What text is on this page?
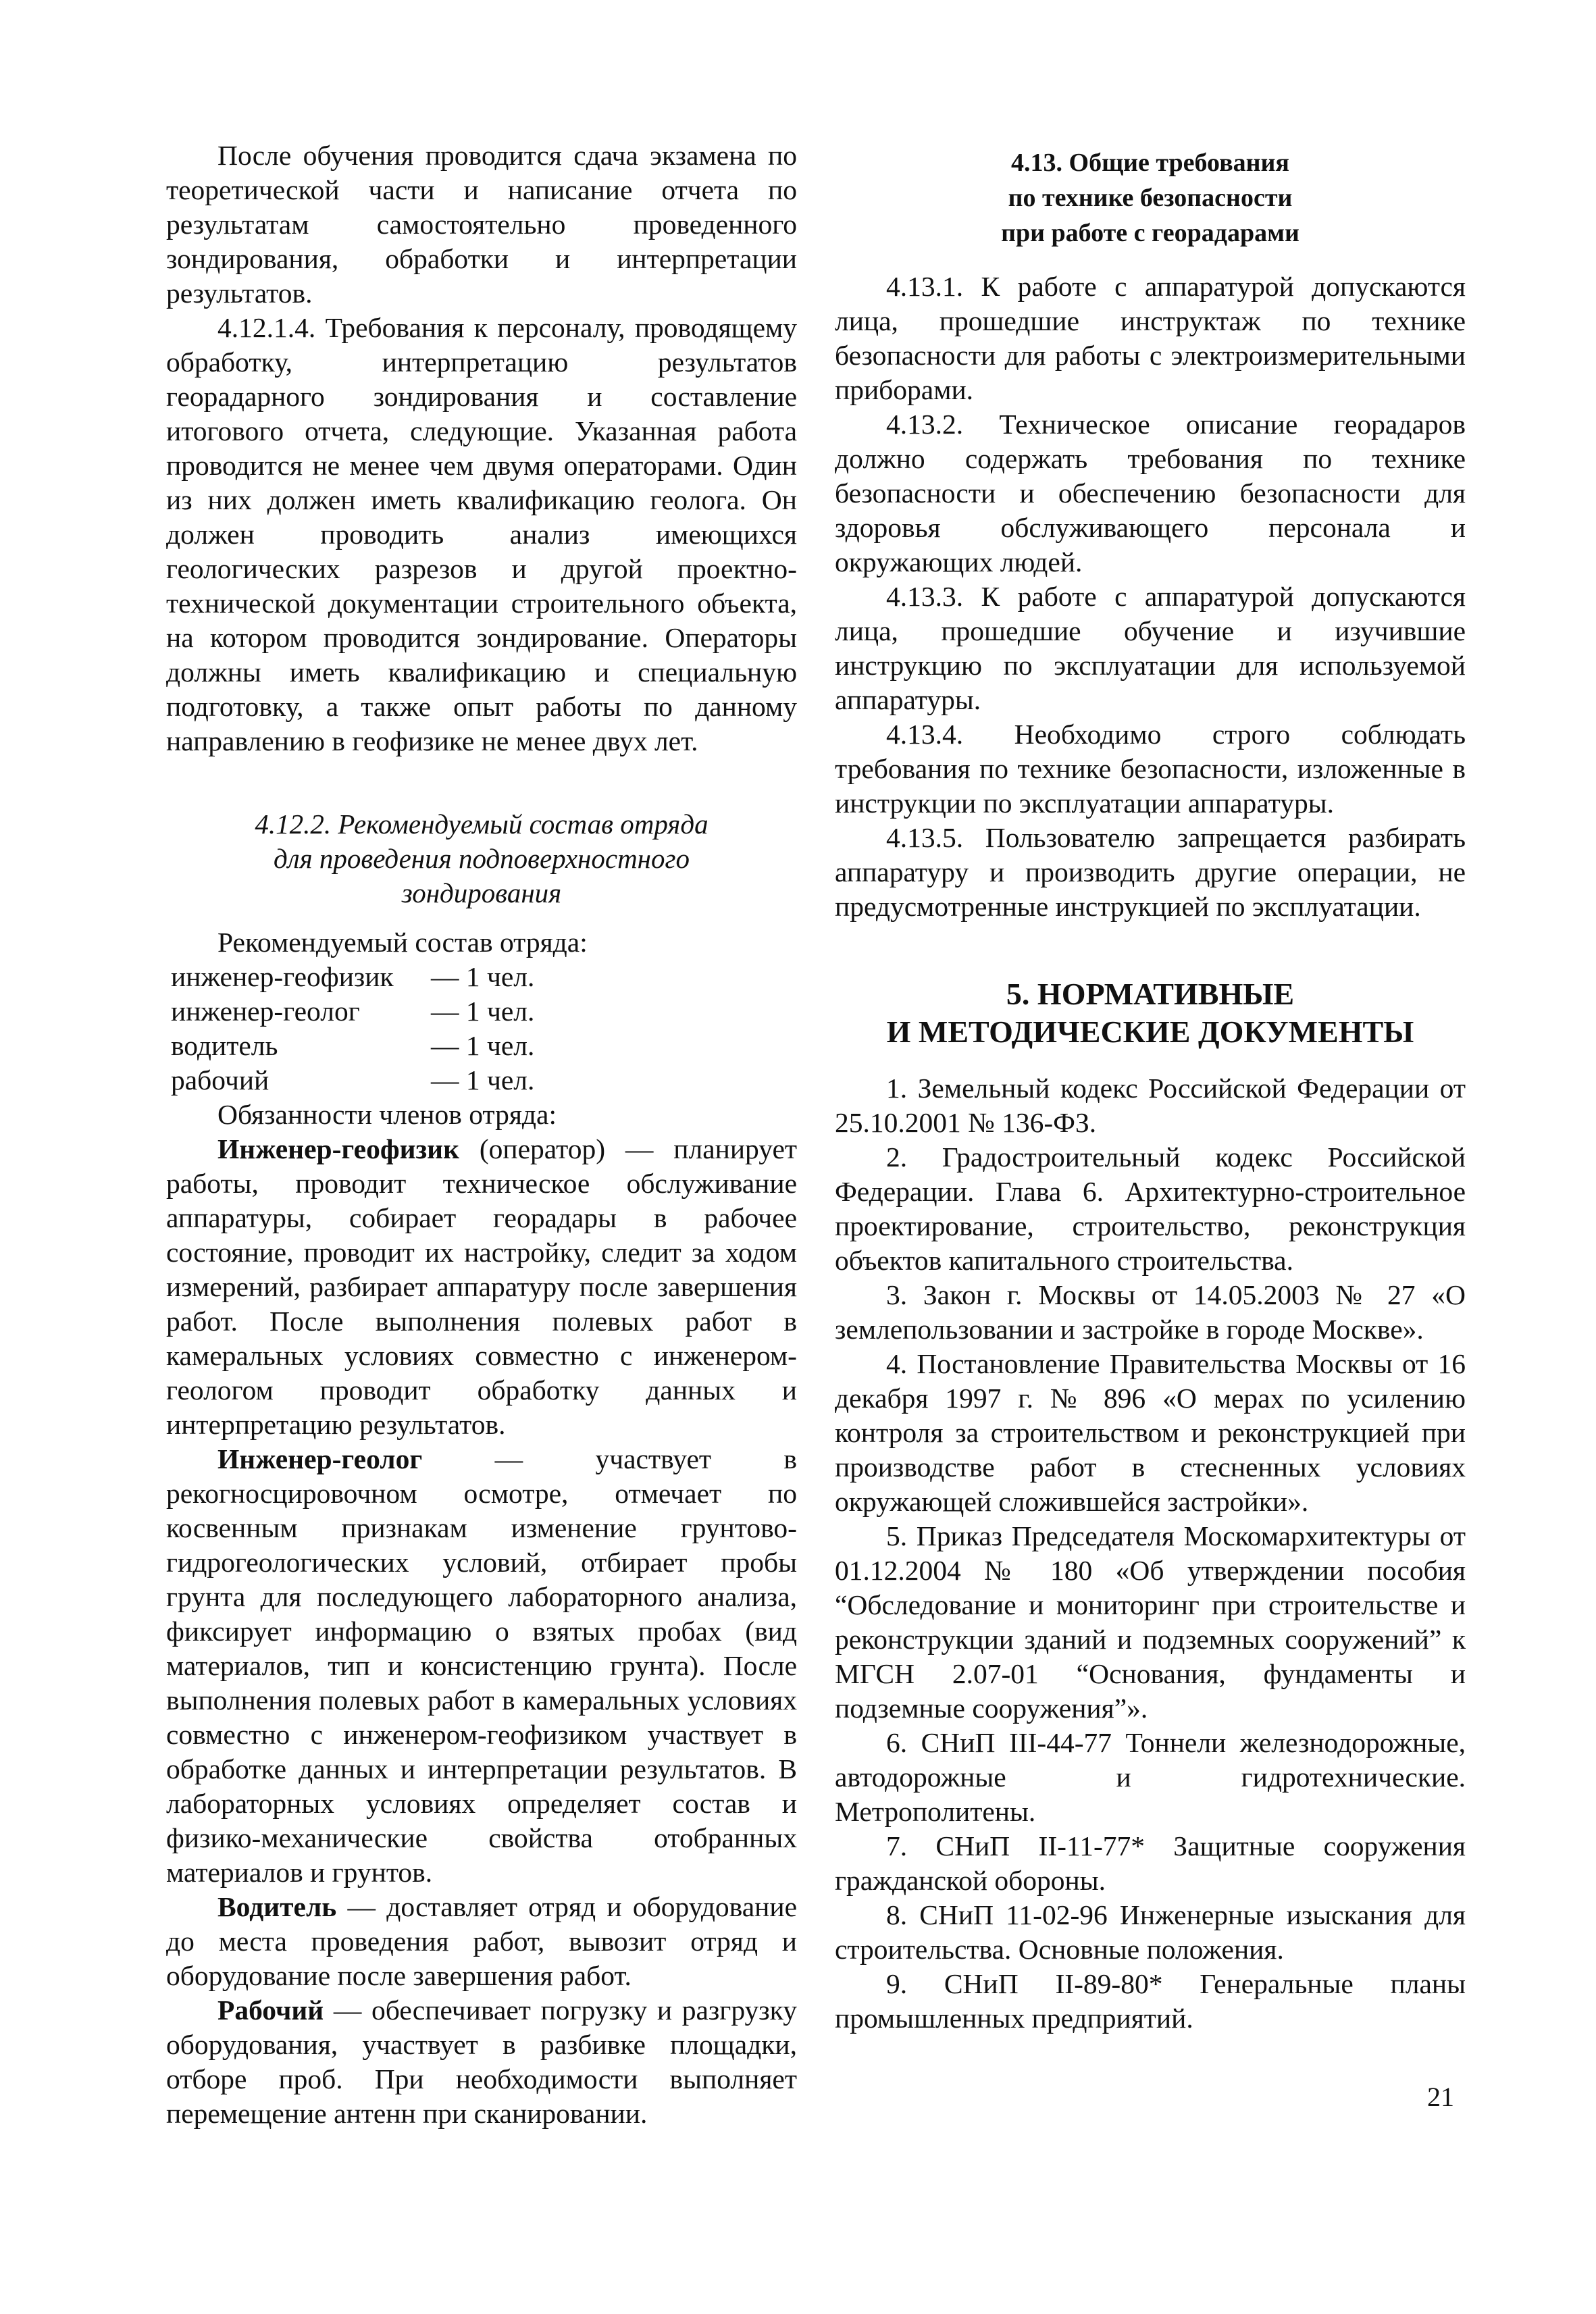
После обучения проводится сдача экзамена по теоретической части и написание отчета по результатам самостоятельно проведенного зондирования, обработки и интерпретации результатов.

4.12.1.4. Требования к персоналу, проводящему обработку, интерпретацию результатов георадарного зондирования и составление итогового отчета, следующие. Указанная работа проводится не менее чем двумя операторами. Один из них должен иметь квалификацию геолога. Он должен проводить анализ имеющихся геологических разрезов и другой проектно-технической документации строительного объекта, на котором проводится зондирование. Операторы должны иметь квалификацию и специальную подготовку, а также опыт работы по данному направлению в геофизике не менее двух лет.

4.12.2. Рекомендуемый состав отряда
для проведения подповерхностного
зондирования

Рекомендуемый состав отряда:

инженер-геофизик	— 1 чел.
инженер-геолог	— 1 чел.
водитель	— 1 чел.
рабочий	— 1 чел.

Обязанности членов отряда:

Инженер-геофизик (оператор) — планирует работы, проводит техническое обслуживание аппаратуры, собирает георадары в рабочее состояние, проводит их настройку, следит за ходом измерений, разбирает аппаратуру после завершения работ. После выполнения полевых работ в камеральных условиях совместно с инженером-геологом проводит обработку данных и интерпретацию результатов.

Инженер-геолог — участвует в рекогносцировочном осмотре, отмечает по косвенным признакам изменение грунтово-гидрогеологических условий, отбирает пробы грунта для последующего лабораторного анализа, фиксирует информацию о взятых пробах (вид материалов, тип и консистенцию грунта). После выполнения полевых работ в камеральных условиях совместно с инженером-геофизиком участвует в обработке данных и интерпретации результатов. В лабораторных условиях определяет состав и физико-механические свойства отобранных материалов и грунтов.

Водитель — доставляет отряд и оборудование до места проведения работ, вывозит отряд и оборудование после завершения работ.

Рабочий — обеспечивает погрузку и разгрузку оборудования, участвует в разбивке площадки, отборе проб. При необходимости выполняет перемещение антенн при сканировании.

4.13. Общие требования
по технике безопасности
при работе с георадарами

4.13.1. К работе с аппаратурой допускаются лица, прошедшие инструктаж по технике безопасности для работы с электроизмерительными приборами.

4.13.2. Техническое описание георадаров должно содержать требования по технике безопасности и обеспечению безопасности для здоровья обслуживающего персонала и окружающих людей.

4.13.3. К работе с аппаратурой допускаются лица, прошедшие обучение и изучившие инструкцию по эксплуатации для используемой аппаратуры.

4.13.4. Необходимо строго соблюдать требования по технике безопасности, изложенные в инструкции по эксплуатации аппаратуры.

4.13.5. Пользователю запрещается разбирать аппаратуру и производить другие операции, не предусмотренные инструкцией по эксплуатации.

5. НОРМАТИВНЫЕ
И МЕТОДИЧЕСКИЕ ДОКУМЕНТЫ

1. Земельный кодекс Российской Федерации от 25.10.2001 № 136-ФЗ.

2. Градостроительный кодекс Российской Федерации. Глава 6. Архитектурно-строительное проектирование, строительство, реконструкция объектов капитального строительства.

3. Закон г. Москвы от 14.05.2003 № 27 «О землепользовании и застройке в городе Москве».

4. Постановление Правительства Москвы от 16 декабря 1997 г. № 896 «О мерах по усилению контроля за строительством и реконструкцией при производстве работ в стесненных условиях окружающей сложившейся застройки».

5. Приказ Председателя Москомархитектуры от 01.12.2004 № 180 «Об утверждении пособия “Обследование и мониторинг при строительстве и реконструкции зданий и подземных сооружений” к МГСН 2.07-01 “Основания, фундаменты и подземные сооружения”».

6. СНиП III-44-77 Тоннели железнодорожные, автодорожные и гидротехнические. Метрополитены.

7. СНиП II-11-77* Защитные сооружения гражданской обороны.

8. СНиП 11-02-96 Инженерные изыскания для строительства. Основные положения.

9. СНиП II-89-80* Генеральные планы промышленных предприятий.

21
